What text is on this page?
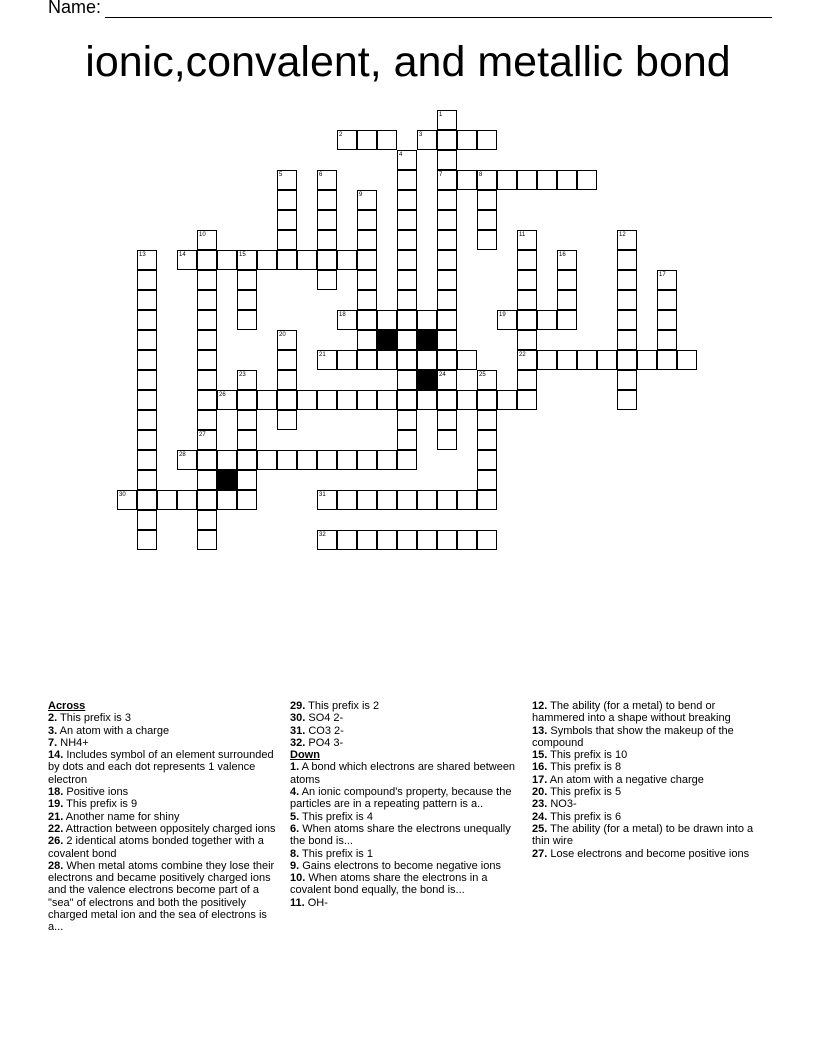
Name:
ionic,convalent, and metallic bond
1
7
2	3
4
5	6	8
9
10
27
11
22
12
13	14	15	16
17
18	19
20
21
23	24	25
26
28
30	31
32
Across
2. This prefix is 3
3. An atom with a charge
7. NH4+
14. Includes symbol of an element surrounded by dots and each dot represents 1 valence electron
18. Positive ions
19. This prefix is 9
21. Another name for shiny
22. Attraction between oppositely charged ions
26. 2 identical atoms bonded together with a covalent bond
28. When metal atoms combine they lose their electrons and became positively charged ions and the valence electrons become part of a "sea" of electrons and both the positively charged metal ion and the sea of electrons is a...
29. This prefix is 2
30. SO4 2-
31. CO3 2-
32. PO4 3-
Down
1. A bond which electrons are shared between atoms
4. An ionic compound's property, because the particles are in a repeating pattern is a..
5. This prefix is 4
6. When atoms share the electrons unequally the bond is...
8. This prefix is 1
9. Gains electrons to become negative ions
10. When atoms share the electrons in a covalent bond equally, the bond is...
11. OH-
12. The ability (for a metal) to bend or hammered into a shape without breaking
13. Symbols that show the makeup of the compound
15. This prefix is 10
16. This prefix is 8
17. An atom with a negative charge
20. This prefix is 5
23. NO3-
24. This prefix is 6
25. The ability (for a metal) to be drawn into a thin wire
27. Lose electrons and become positive ions
